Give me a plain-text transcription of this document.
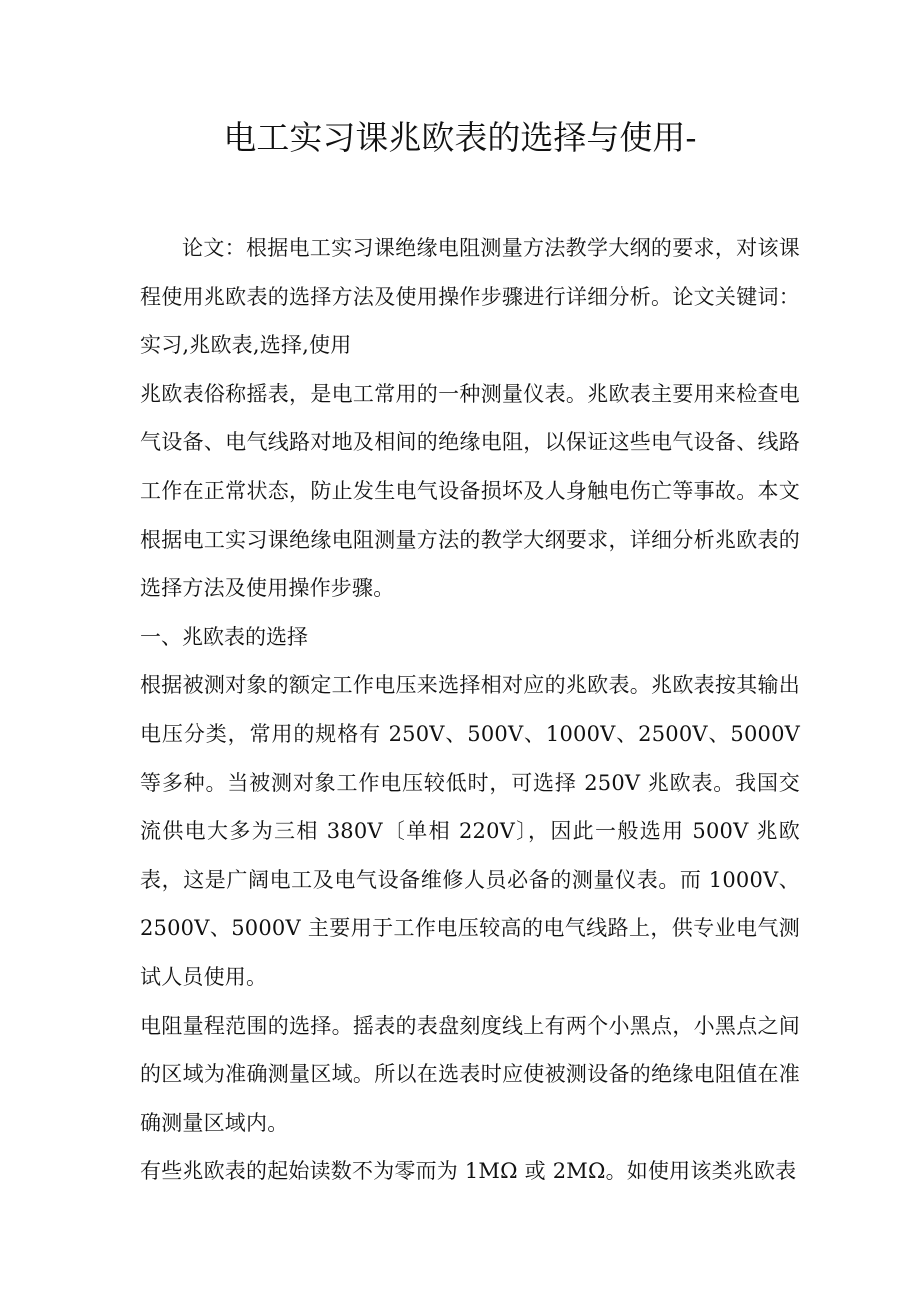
电工实习课兆欧表的选择与使用-

论文：根据电工实习课绝缘电阻测量方法教学大纲的要求，对该课程使用兆欧表的选择方法及使用操作步骤进行详细分析。论文关键词：实习,兆欧表,选择,使用

兆欧表俗称摇表，是电工常用的一种测量仪表。兆欧表主要用来检查电气设备、电气线路对地及相间的绝缘电阻，以保证这些电气设备、线路工作在正常状态，防止发生电气设备损坏及人身触电伤亡等事故。本文根据电工实习课绝缘电阻测量方法的教学大纲要求，详细分析兆欧表的选择方法及使用操作步骤。

一、兆欧表的选择

根据被测对象的额定工作电压来选择相对应的兆欧表。兆欧表按其输出电压分类，常用的规格有 250V、500V、1000V、2500V、5000V 等多种。当被测对象工作电压较低时，可选择 250V 兆欧表。我国交流供电大多为三相 380V〔单相 220V〕，因此一般选用 500V 兆欧表，这是广阔电工及电气设备维修人员必备的测量仪表。而 1000V、2500V、5000V 主要用于工作电压较高的电气线路上，供专业电气测试人员使用。

电阻量程范围的选择。摇表的表盘刻度线上有两个小黑点，小黑点之间的区域为准确测量区域。所以在选表时应使被测设备的绝缘电阻值在准确测量区域内。

有些兆欧表的起始读数不为零而为 1MΩ 或 2MΩ。如使用该类兆欧表
